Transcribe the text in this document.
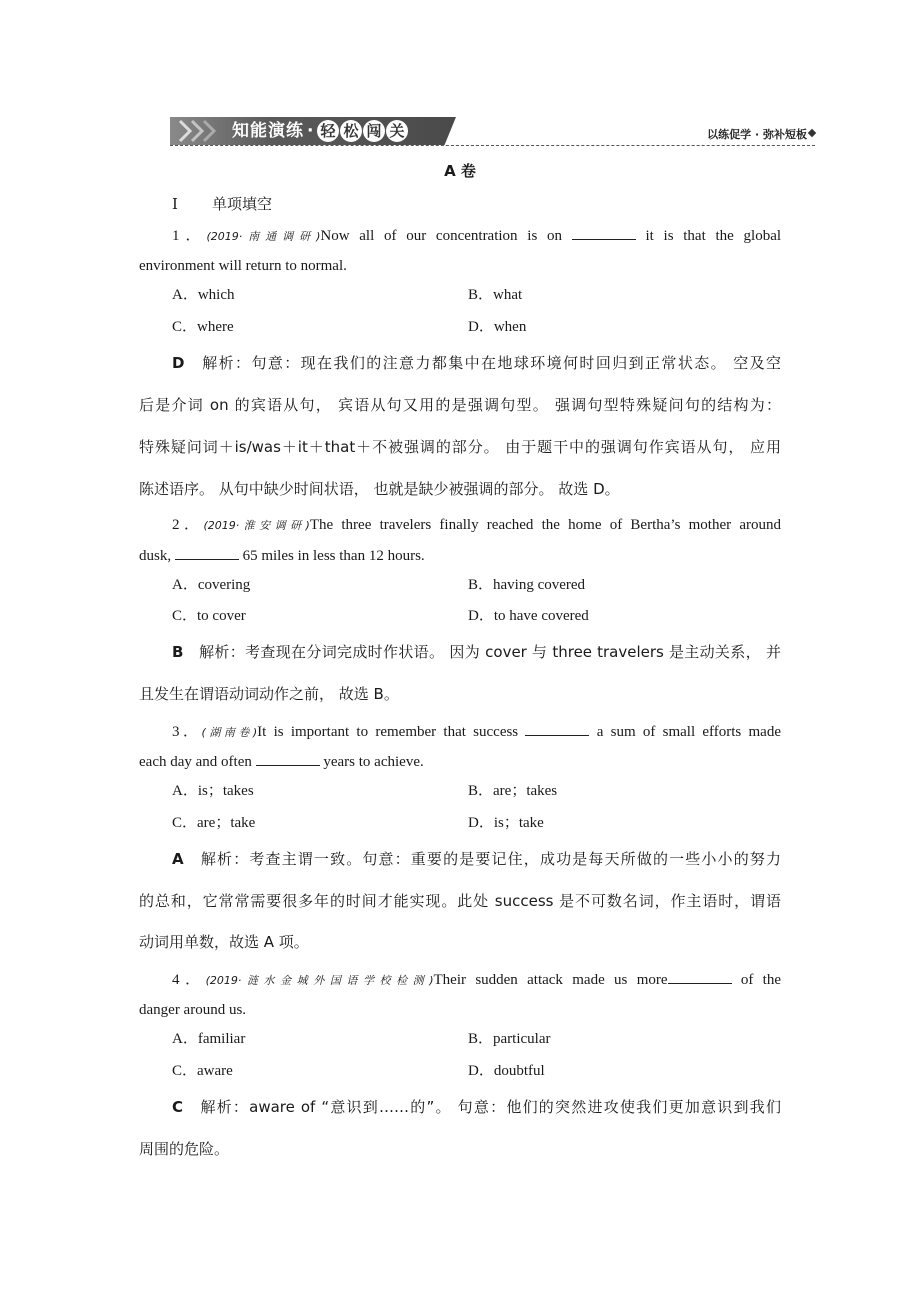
知能演练 · 轻 松 闯 关	以练促学 · 弥补短板
A 卷
Ⅰ 单项填空
1．(2019·南通调研)Now all of our concentration is on	it is that the global
environment will return to normal.
A．which	B．what
C．where	D．when
D　解析：句意：现在我们的注意力都集中在地球环境何时回归到正常状态。 空及空
后是介词 on 的宾语从句， 宾语从句又用的是强调句型。 强调句型特殊疑问句的结构为：
特殊疑问词＋is/was＋it＋that＋不被强调的部分。 由于题干中的强调句作宾语从句， 应用
陈述语序。 从句中缺少时间状语， 也就是缺少被强调的部分。 故选 D。
2．(2019·淮安调研)The three travelers finally reached the home of Bertha’s mother around
dusk,	65 miles in less than 12 hours.
A．covering	B．having covered
C．to cover	D．to have covered
B　解析：考查现在分词完成时作状语。 因为 cover 与 three travelers 是主动关系， 并
且发生在谓语动词动作之前， 故选 B。
3．(湖南卷)It is important to remember that success	a sum of small efforts made
each day and often	years to achieve.
A．is；takes	B．are；takes
C．are；take	D．is；take
A　解析：考查主谓一致。句意：重要的是要记住，成功是每天所做的一些小小的努力
的总和，它常常需要很多年的时间才能实现。此处 success 是不可数名词，作主语时，谓语
动词用单数，故选 A 项。
4．(2019·涟水金城外国语学校检测)Their sudden attack made us more	of the
danger around us.
A．familiar	B．particular
C．aware	D．doubtful
C　解析：aware of “意识到……的”。 句意：他们的突然进攻使我们更加意识到我们
周围的危险。
